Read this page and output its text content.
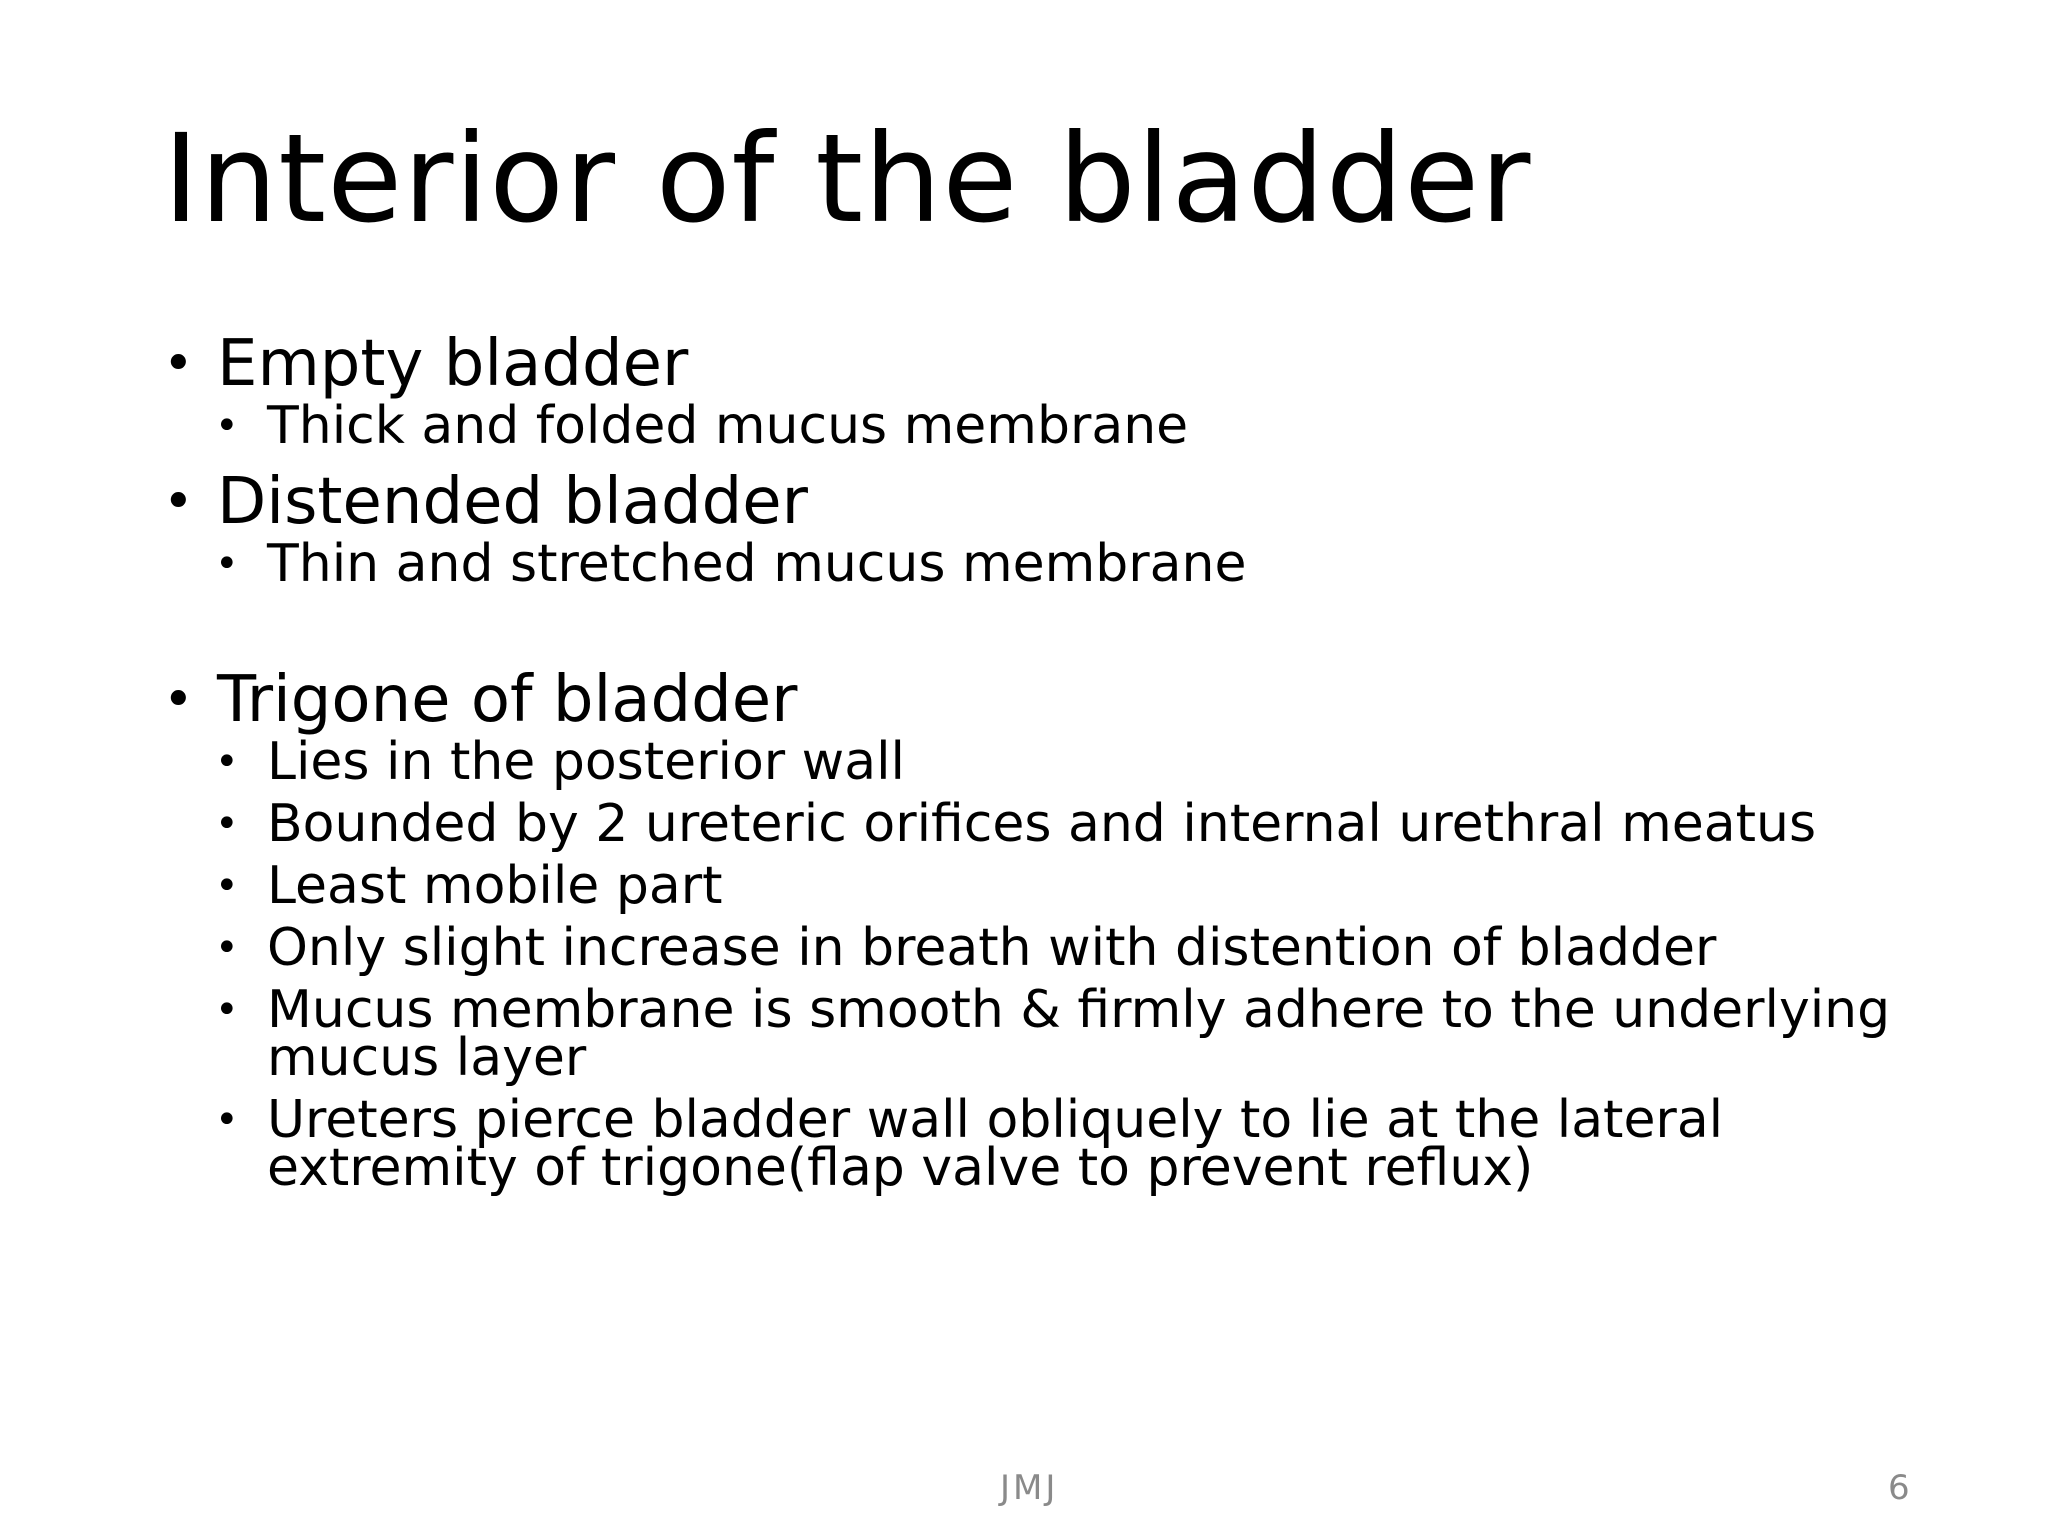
Interior of the bladder
• Empty bladder
• Thick and folded mucus membrane
• Distended bladder
• Thin and stretched mucus membrane
• Trigone of bladder
• Lies in the posterior wall
• Bounded by 2 ureteric orifices and internal urethral meatus
• Least mobile part
• Only slight increase in breath with distention of bladder
• Mucus membrane is smooth & firmly adhere to the underlying mucus layer
• Ureters pierce bladder wall obliquely to lie at the lateral extremity of trigone(flap valve to prevent reflux)
JMJ	6
